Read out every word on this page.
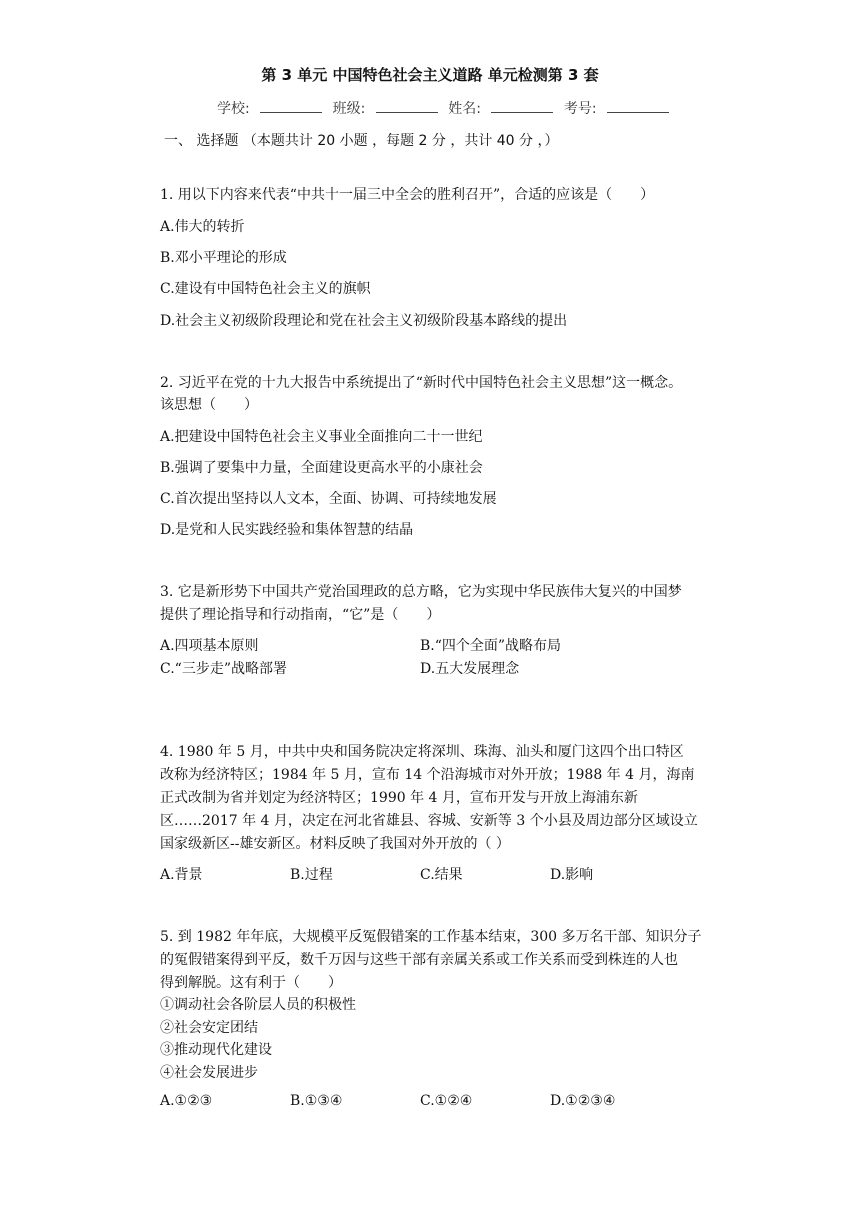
第 3 单元 中国特色社会主义道路 单元检测第 3 套
学校:	班级:	姓名:	考号:
一、 选择题 （本题共计 20 小题 ，每题 2 分 ，共计 40 分 ，）
1. 用以下内容来代表“中共十一届三中全会的胜利召开”，合适的应该是（　　）
A.伟大的转折
B.邓小平理论的形成
C.建设有中国特色社会主义的旗帜
D.社会主义初级阶段理论和党在社会主义初级阶段基本路线的提出
2. 习近平在党的十九大报告中系统提出了“新时代中国特色社会主义思想”这一概念。
该思想（　　）
A.把建设中国特色社会主义事业全面推向二十一世纪
B.强调了要集中力量，全面建设更高水平的小康社会
C.首次提出坚持以人文本，全面、协调、可持续地发展
D.是党和人民实践经验和集体智慧的结晶
3. 它是新形势下中国共产党治国理政的总方略，它为实现中华民族伟大复兴的中国梦
提供了理论指导和行动指南，“它”是（　　）
A.四项基本原则	B.“四个全面”战略布局
C.“三步走”战略部署	D.五大发展理念
4. 1980 年 5 月，中共中央和国务院决定将深圳、珠海、汕头和厦门这四个出口特区
改称为经济特区；1984 年 5 月，宣布 14 个沿海城市对外开放；1988 年 4 月，海南
正式改制为省并划定为经济特区；1990 年 4 月，宣布开发与开放上海浦东新
区……2017 年 4 月，决定在河北省雄县、容城、安新等 3 个小县及周边部分区域设立
国家级新区--雄安新区。材料反映了我国对外开放的（ ）
A.背景	B.过程	C.结果	D.影响
5. 到 1982 年年底，大规模平反冤假错案的工作基本结束，300 多万名干部、知识分子
的冤假错案得到平反，数千万因与这些干部有亲属关系或工作关系而受到株连的人也
得到解脱。这有利于（　　）
①调动社会各阶层人员的积极性
②社会安定团结
③推动现代化建设
④社会发展进步
A.①②③	B.①③④	C.①②④	D.①②③④
